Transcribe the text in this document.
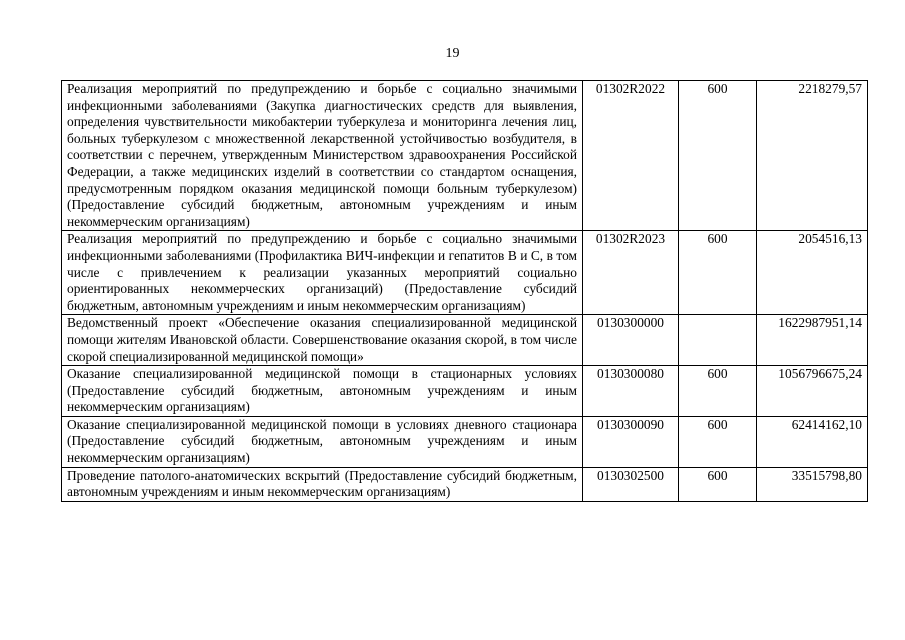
19
Реализация мероприятий по предупреждению и борьбе с социально значимыми инфекционными заболеваниями (Закупка диагностических средств для выявления, определения чувствительности микобактерии туберкулеза и мониторинга лечения лиц, больных туберкулезом с множественной лекарственной устойчивостью возбудителя, в соответствии с перечнем, утвержденным Министерством здравоохранения Российской Федерации, а также медицинских изделий в соответствии со стандартом оснащения, предусмотренным порядком оказания медицинской помощи больным туберкулезом) (Предоставление субсидий бюджетным, автономным учреждениям и иным некоммерческим организациям)	01302R2022	600	2218279,57
Реализация мероприятий по предупреждению и борьбе с социально значимыми инфекционными заболеваниями (Профилактика ВИЧ-инфекции и гепатитов B и C, в том числе с привлечением к реализации указанных мероприятий социально ориентированных некоммерческих организаций) (Предоставление субсидий бюджетным, автономным учреждениям и иным некоммерческим организациям)	01302R2023	600	2054516,13
Ведомственный проект «Обеспечение оказания специализированной медицинской помощи жителям Ивановской области. Совершенствование оказания скорой, в том числе скорой специализированной медицинской помощи»	0130300000		1622987951,14
Оказание специализированной медицинской помощи в стационарных условиях (Предоставление субсидий бюджетным, автономным учреждениям и иным некоммерческим организациям)	0130300080	600	1056796675,24
Оказание специализированной медицинской помощи в условиях дневного стационара (Предоставление субсидий бюджетным, автономным учреждениям и иным некоммерческим организациям)	0130300090	600	62414162,10
Проведение патолого-анатомических вскрытий (Предоставление субсидий бюджетным, автономным учреждениям и иным некоммерческим организациям)	0130302500	600	33515798,80
